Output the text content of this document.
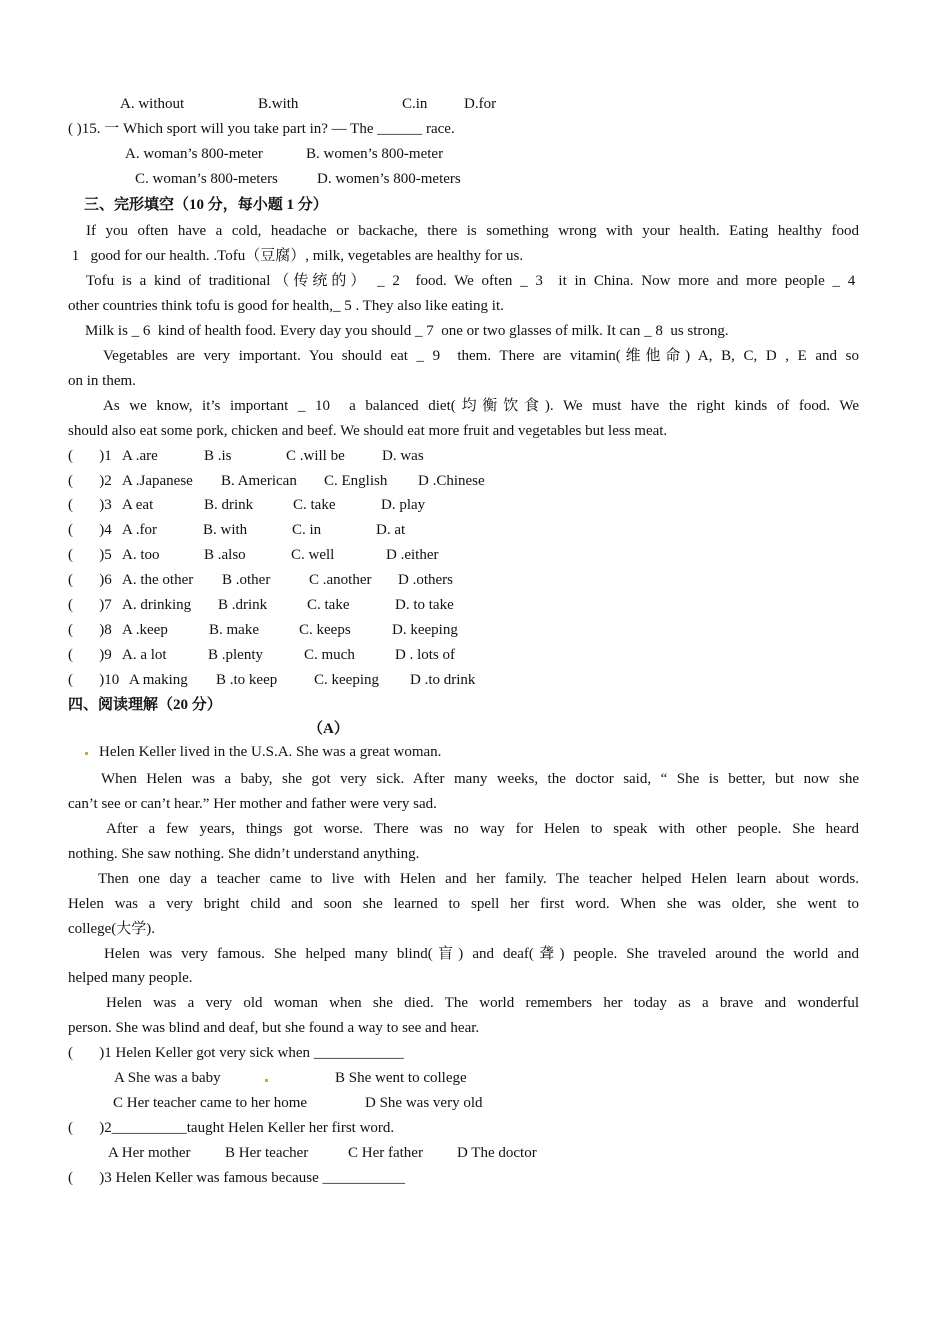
A. without	B.with	C.in D.for
( )15. 一 Which sport will you take part in? — The ______ race.
A. woman’s 800-meter	B. women’s 800-meter
C. woman’s 800-meters	D. women’s 800-meters
三、完形填空（10 分，每小题 1 分）
If you often have a cold, headache or backache, there is something wrong with your health. Eating healthy food
1   good for our health. .Tofu（豆腐）, milk, vegetables are healthy for us.
Tofu is a kind of traditional（传统的） _ 2  food. We often _ 3  it in China. Now more and more people _ 4
other countries think tofu is good for health,_ 5 . They also like eating it.
Milk is _ 6  kind of health food. Every day you should _ 7  one or two glasses of milk. It can _ 8  us strong.
Vegetables are very important. You should eat _ 9  them. There are vitamin(维他命) A, B, C, D , E and so
on in them.
As we know, it’s important _ 10  a balanced diet(均衡饮食). We must have the right kinds of food. We
should also eat some pork, chicken and beef. We should eat more fruit and vegetables but less meat.
(       )1 A .are	B .is	C .will be D. was
(       )2 A .Japanese B. American C. English D .Chinese
(       )3 A eat	B. drink	C. take	D. play
(       )4 A .for	B. with	C. in	D. at
(       )5 A. too	B .also	C. well	D .either
(       )6 A. the other B .other	C .another D .others
(       )7 A. drinking B .drink	C. take	D. to take
(       )8 A .keep	B. make	C. keeps	D. keeping
(       )9 A. a lot	B .plenty	C. much	D . lots of
(       )10 A making B .to keep C. keeping D .to drink
四、阅读理解（20 分）
（A）
Helen Keller lived in the U.S.A. She was a great woman.
When Helen was a baby, she got very sick. After many weeks, the doctor said, “ She is better, but now she
can’t see or can’t hear.” Her mother and father were very sad.
After a few years, things got worse. There was no way for Helen to speak with other people. She heard
nothing. She saw nothing. She didn’t understand anything.
Then one day a teacher came to live with Helen and her family. The teacher helped Helen learn about words.
Helen was a very bright child and soon she learned to spell her first word. When she was older, she went to
college(大学).
Helen was very famous. She helped many blind(盲) and deaf(聋) people. She traveled around the world and
helped many people.
Helen was a very old woman when she died. The world remembers her today as a brave and wonderful
person. She was blind and deaf, but she found a way to see and hear.
(       )1 Helen Keller got very sick when ____________
A She was a baby	B She went to college
C Her teacher came to her home	D She was very old
(       )2__________taught Helen Keller her first word.
A Her mother B Her teacher	C Her father D The doctor
(       )3 Helen Keller was famous because ___________
